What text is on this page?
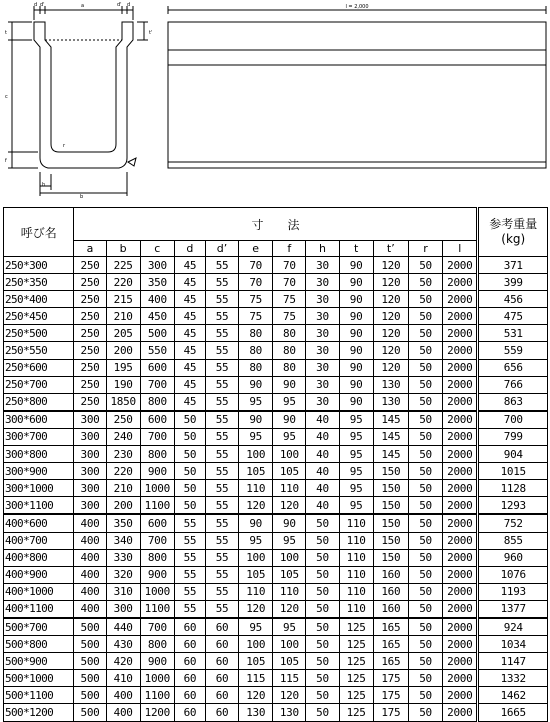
d d'	a	d' d
t	t'
c
f
r
h
b
l = 2,000
呼び名	寸　　法												参考重量
(kg)

	a	b	c	d	d’	e	f	h	t	t’	r	l	
250*300	250	225	300	45	55	70	70	30	90	120	50	2000	371
250*350	250	220	350	45	55	70	70	30	90	120	50	2000	399
250*400	250	215	400	45	55	75	75	30	90	120	50	2000	456
250*450	250	210	450	45	55	75	75	30	90	120	50	2000	475
250*500	250	205	500	45	55	80	80	30	90	120	50	2000	531
250*550	250	200	550	45	55	80	80	30	90	120	50	2000	559
250*600	250	195	600	45	55	80	80	30	90	120	50	2000	656
250*700	250	190	700	45	55	90	90	30	90	130	50	2000	766
250*800	250	1850	800	45	55	95	95	30	90	130	50	2000	863
300*600	300	250	600	50	55	90	90	40	95	145	50	2000	700
300*700	300	240	700	50	55	95	95	40	95	145	50	2000	799
300*800	300	230	800	50	55	100	100	40	95	145	50	2000	904
300*900	300	220	900	50	55	105	105	40	95	150	50	2000	1015
300*1000	300	210	1000	50	55	110	110	40	95	150	50	2000	1128
300*1100	300	200	1100	50	55	120	120	40	95	150	50	2000	1293
400*600	400	350	600	55	55	90	90	50	110	150	50	2000	752
400*700	400	340	700	55	55	95	95	50	110	150	50	2000	855
400*800	400	330	800	55	55	100	100	50	110	150	50	2000	960
400*900	400	320	900	55	55	105	105	50	110	160	50	2000	1076
400*1000	400	310	1000	55	55	110	110	50	110	160	50	2000	1193
400*1100	400	300	1100	55	55	120	120	50	110	160	50	2000	1377
500*700	500	440	700	60	60	95	95	50	125	165	50	2000	924
500*800	500	430	800	60	60	100	100	50	125	165	50	2000	1034
500*900	500	420	900	60	60	105	105	50	125	165	50	2000	1147
500*1000	500	410	1000	60	60	115	115	50	125	175	50	2000	1332
500*1100	500	400	1100	60	60	120	120	50	125	175	50	2000	1462
500*1200	500	400	1200	60	60	130	130	50	125	175	50	2000	1665
